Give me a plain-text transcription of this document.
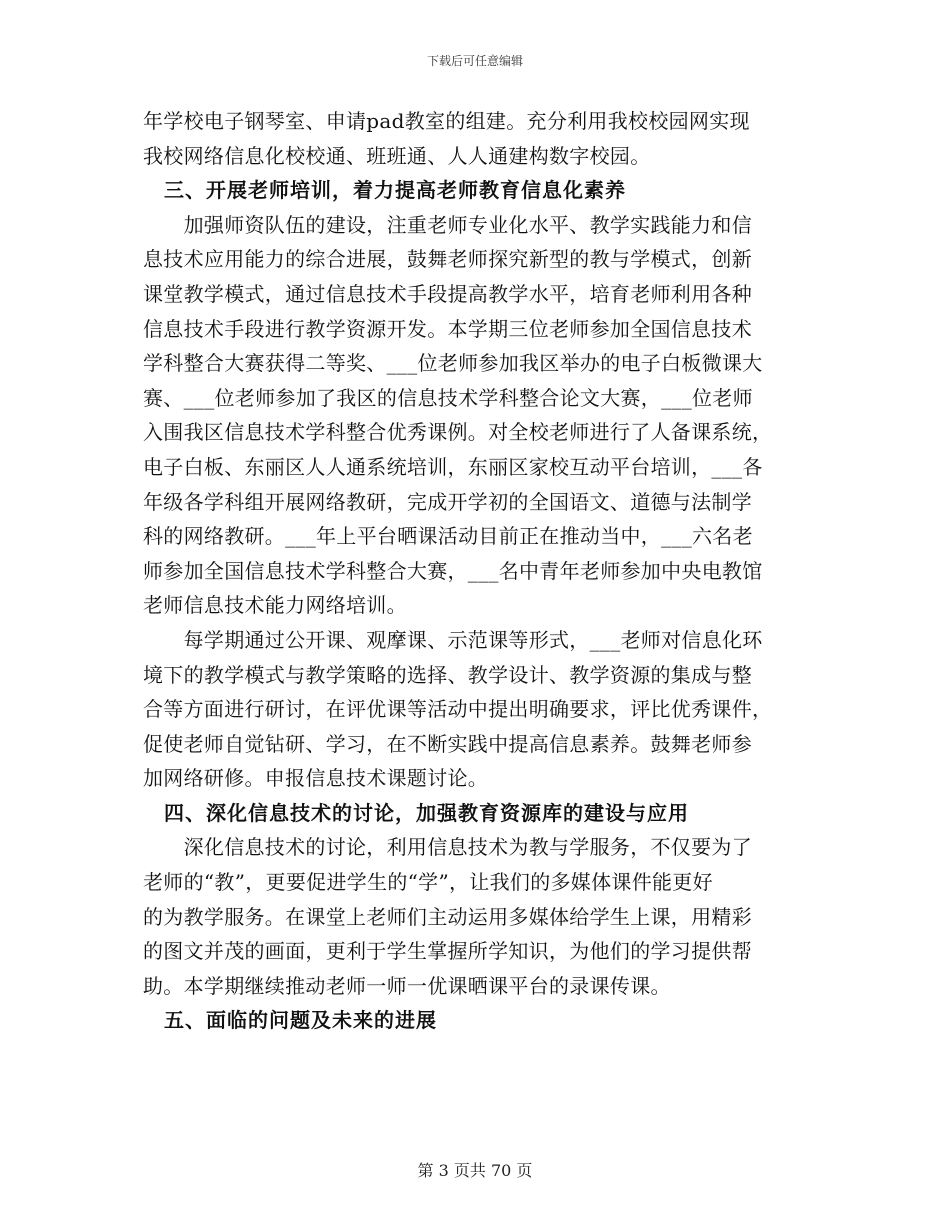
下载后可任意编辑
年学校电子钢琴室、申请pad教室的组建。充分利用我校校园网实现
我校网络信息化校校通、班班通、人人通建构数字校园。
　三、开展老师培训，着力提高老师教育信息化素养
　　加强师资队伍的建设，注重老师专业化水平、教学实践能力和信
息技术应用能力的综合进展，鼓舞老师探究新型的教与学模式，创新
课堂教学模式，通过信息技术手段提高教学水平，培育老师利用各种
信息技术手段进行教学资源开发。本学期三位老师参加全国信息技术
学科整合大赛获得二等奖、___位老师参加我区举办的电子白板微课大
赛、___位老师参加了我区的信息技术学科整合论文大赛，___位老师
入围我区信息技术学科整合优秀课例。对全校老师进行了人备课系统，
电子白板、东丽区人人通系统培训，东丽区家校互动平台培训，___各
年级各学科组开展网络教研，完成开学初的全国语文、道德与法制学
科的网络教研。___年上平台晒课活动目前正在推动当中，___六名老
师参加全国信息技术学科整合大赛，___名中青年老师参加中央电教馆
老师信息技术能力网络培训。
　　每学期通过公开课、观摩课、示范课等形式，___老师对信息化环
境下的教学模式与教学策略的选择、教学设计、教学资源的集成与整
合等方面进行研讨，在评优课等活动中提出明确要求，评比优秀课件，
促使老师自觉钻研、学习，在不断实践中提高信息素养。鼓舞老师参
加网络研修。申报信息技术课题讨论。
　四、深化信息技术的讨论，加强教育资源库的建设与应用
　　深化信息技术的讨论，利用信息技术为教与学服务，不仅要为了
老师的“教”，更要促进学生的“学”，让我们的多媒体课件能更好
的为教学服务。在课堂上老师们主动运用多媒体给学生上课，用精彩
的图文并茂的画面，更利于学生掌握所学知识，为他们的学习提供帮
助。本学期继续推动老师一师一优课晒课平台的录课传课。
　五、面临的问题及未来的进展
第 3 页共 70 页
